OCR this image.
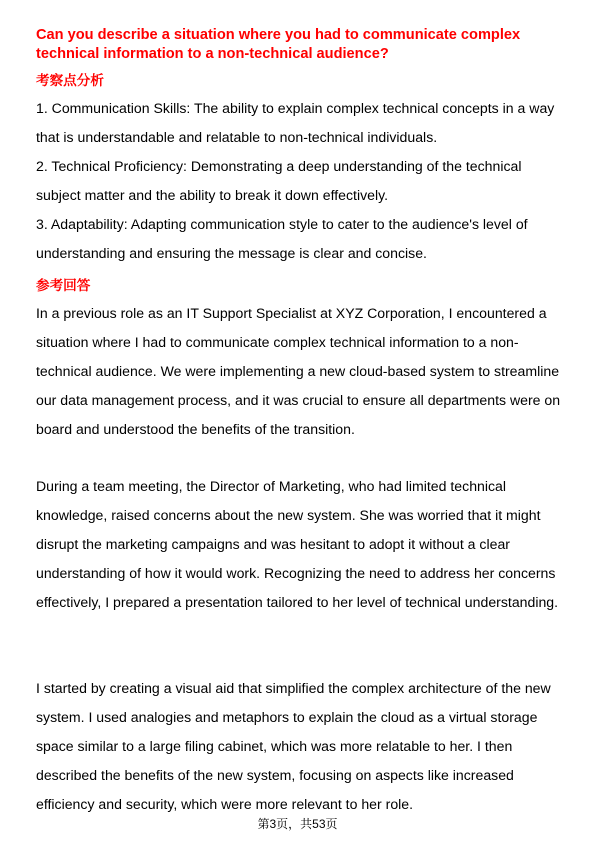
Can you describe a situation where you had to communicate complex technical information to a non-technical audience?
考察点分析

1. Communication Skills: The ability to explain complex technical concepts in a way that is understandable and relatable to non-technical individuals.

2. Technical Proficiency: Demonstrating a deep understanding of the technical subject matter and the ability to break it down effectively.

3. Adaptability: Adapting communication style to cater to the audience's level of understanding and ensuring the message is clear and concise.

参考回答

In a previous role as an IT Support Specialist at XYZ Corporation, I encountered a situation where I had to communicate complex technical information to a non-technical audience. We were implementing a new cloud-based system to streamline our data management process, and it was crucial to ensure all departments were on board and understood the benefits of the transition.

During a team meeting, the Director of Marketing, who had limited technical knowledge, raised concerns about the new system. She was worried that it might disrupt the marketing campaigns and was hesitant to adopt it without a clear understanding of how it would work. Recognizing the need to address her concerns effectively, I prepared a presentation tailored to her level of technical understanding.

I started by creating a visual aid that simplified the complex architecture of the new system. I used analogies and metaphors to explain the cloud as a virtual storage space similar to a large filing cabinet, which was more relatable to her. I then described the benefits of the new system, focusing on aspects like increased efficiency and security, which were more relevant to her role.

第3页，共53页
